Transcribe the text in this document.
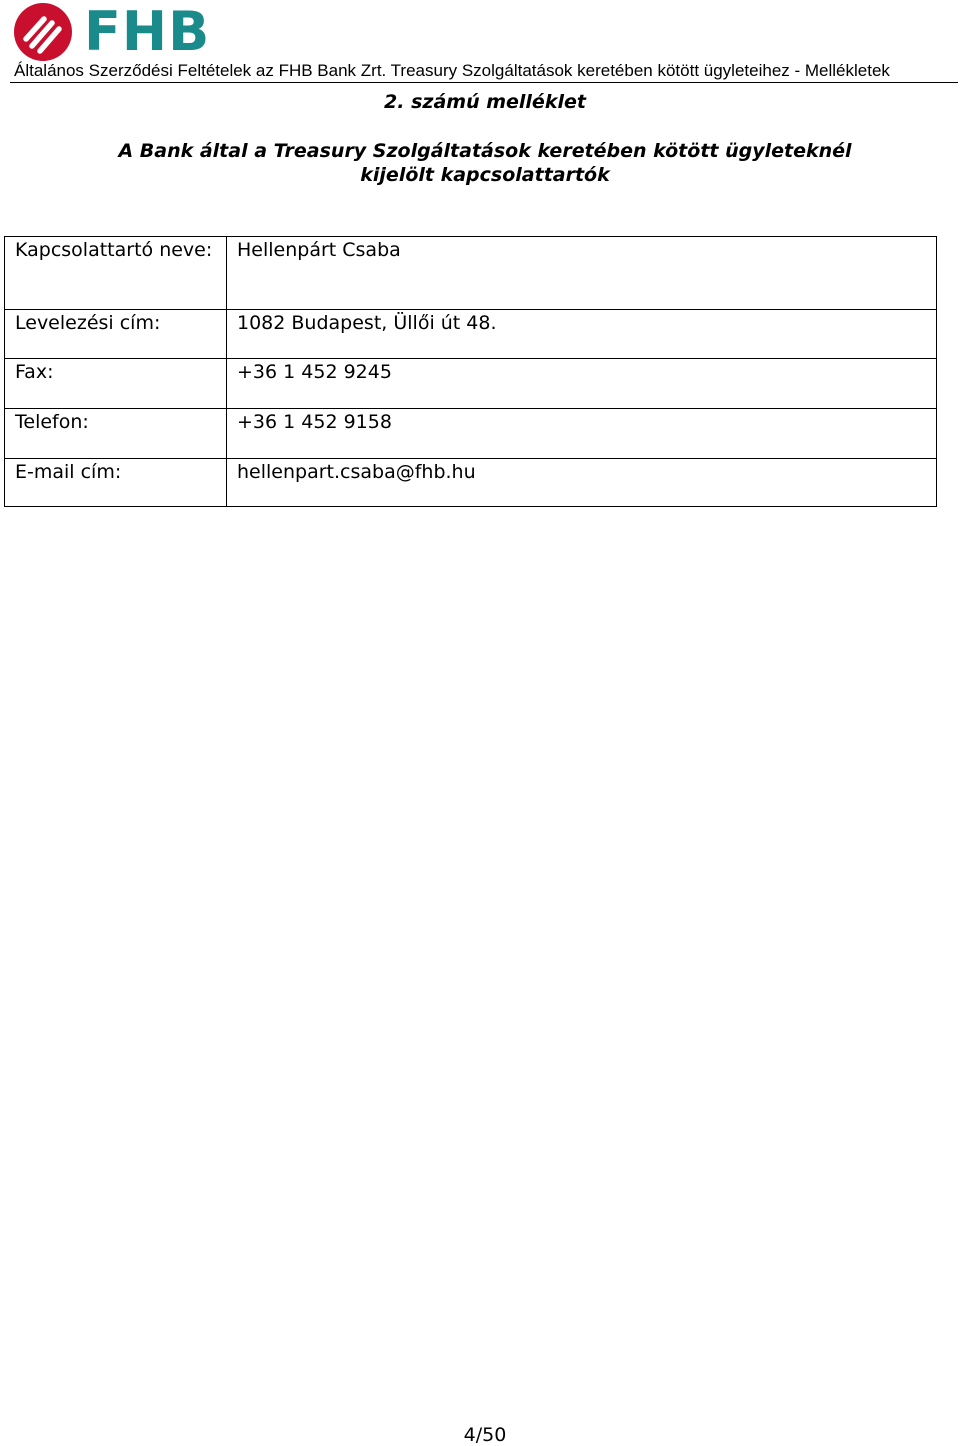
FHB
Általános Szerződési Feltételek az FHB Bank Zrt. Treasury Szolgáltatások keretében kötött ügyleteihez - Mellékletek
2. számú melléklet
A Bank által a Treasury Szolgáltatások keretében kötött ügyleteknél
kijelölt kapcsolattartók
Kapcsolattartó neve:	Hellenpárt Csaba
Levelezési cím:	1082 Budapest, Üllői út 48.
Fax:	+36 1 452 9245
Telefon:	+36 1 452 9158
E-mail cím:	hellenpart.csaba@fhb.hu
4/50
